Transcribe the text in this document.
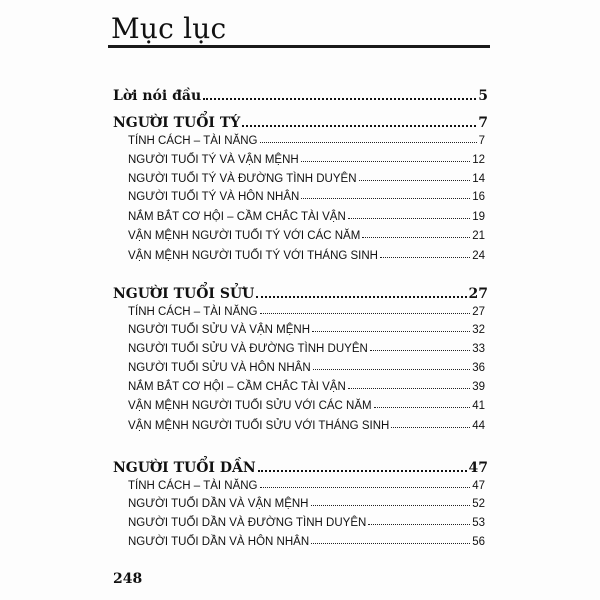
Mục lục
Lời nói đầu	5
NGƯỜI TUỔI TÝ	7
TÍNH CÁCH – TÀI NĂNG	7
NGƯỜI TUỔI TÝ VÀ VẬN MỆNH	12
NGƯỜI TUỔI TÝ VÀ ĐƯỜNG TÌNH DUYÊN	14
NGƯỜI TUỔI TÝ VÀ HÔN NHÂN	16
NẮM BẮT CƠ HỘI – CẦM CHẮC TÀI VẬN	19
VẬN MỆNH NGƯỜI TUỔI TÝ VỚI CÁC NĂM	21
VẬN MỆNH NGƯỜI TUỔI TÝ VỚI THÁNG SINH	24
NGƯỜI TUỔI SỬU	27
TÍNH CÁCH – TÀI NĂNG	27
NGƯỜI TUỔI SỬU VÀ VẬN MỆNH	32
NGƯỜI TUỔI SỬU VÀ ĐƯỜNG TÌNH DUYÊN	33
NGƯỜI TUỔI SỬU VÀ HÔN NHÂN	36
NẮM BẮT CƠ HỘI – CẦM CHẮC TÀI VẬN	39
VẬN MỆNH NGƯỜI TUỔI SỬU VỚI CÁC NĂM	41
VẬN MỆNH NGƯỜI TUỔI SỬU VỚI THÁNG SINH	44
NGƯỜI TUỔI DẦN	47
TÍNH CÁCH – TÀI NĂNG	47
NGƯỜI TUỔI DẦN VÀ VẬN MỆNH	52
NGƯỜI TUỔI DẦN VÀ ĐƯỜNG TÌNH DUYÊN	53
NGƯỜI TUỔI DẦN VÀ HÔN NHÂN	56
248
